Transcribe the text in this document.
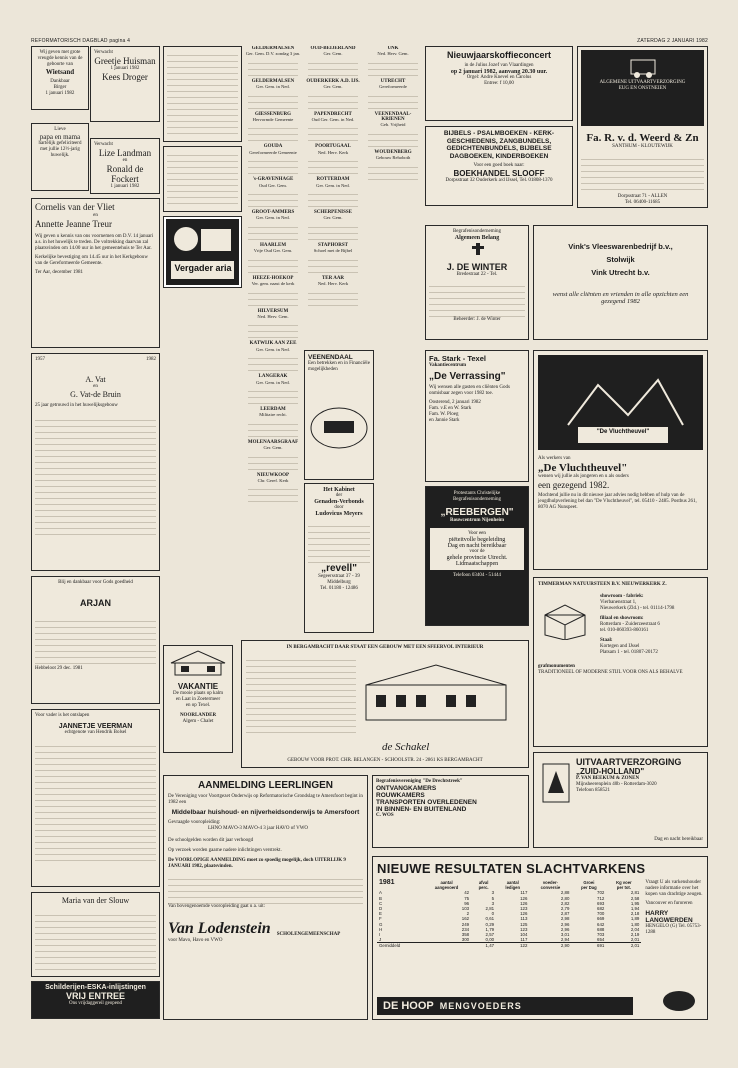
REFORMATORISCH DAGBLAD pagina 4	ZATERDAG 2 JANUARI 1982
Wij geven met grote
vreugde kennis van de
geboorte van
Wietsand
Dankbaar
Birger
1 januari 1982
Verwacht
Greetje Huisman
1 januari 1982
Kees Droger
Lieve
papa en mama
hartelijk gefeliciteerd
met jullie 12½-jarig
huwelijk.
Verwacht
Lize Landman
en
Ronald de Fockert
1 januari 1982
Cornelis van der Vliet
en
Annette Jeanne Treur
Wij geven u kennis van ons voornemen om D.V. 14 januari a.s. in het huwelijk te treden. De voltrekking daarvan zal plaatsvinden om 14.00 uur in het gemeentehuis te Ter Aar.
Kerkelijke bevestiging om 14.45 uur in het Kerkgebouw van de Gereformeerde Gemeente.
Ter Aar, december 1981
1957	1982
A. Vat
en
G. Vat-de Bruin
25 jaar getrouwd in het huwelijksgebouw
Blij en dankbaar voor Gods goedheid
ARJAN
Hebbeloot 29 dec. 1981
Voor vader is het ontslapen
JANNETJE VEERMAN
echtgenote van Hendrik Bolsel
Maria van der Slouw
Schilderijen-ESKA-inlijstingen
VRIJ ENTREE
Ons vrijdaggereil geopend
Vergader aria
VAKANTIE
De mooie plaats op kalm
en Laat in Zoetermeer
en op Texel.
NOORLANDER
Algem - Chalet
GELDERMALSEN
Ger. Gem. D.V. zondag 3 jan.
GELDERMALSEN
Ger. Gem. in Ned.
GIESSENBURG
Hervormde Gemeente
GOUDA
Gereformeerde Gemeente
's-GRAVENHAGE
Oud Ger. Gem.
GROOT-AMMERS
Ger. Gem. in Ned.
HAARLEM
Vrije Oud Ger. Gem.
HEEZE-HOEKOP
Ver. gem. naast de kerk
HILVERSUM
Ned. Herv. Gem.
KATWIJK AAN ZEE
Ger. Gem. in Ned.
LANGERAK
Ger. Gem. in Ned.
LEERDAM
Militaire recht.
MOLENAARSGRAAF
Ger. Gem.
NIEUWKOOP
Chr. Geref. Kerk
OUD-BEIJERLAND
Ger. Gem.
OUDERKERK A.D. IJS.
Ger. Gem.
PAPENDRECHT
Oud Ger. Gem. in Ned.
POORTUGAAL
Ned. Herv. Kerk
ROTTERDAM
Ger. Gem. in Ned.
SCHERPENISSE
Ger. Gem.
STAPHORST
Schoel met de Bijbel
TER AAR
Ned. Herv. Kerk
UNK
Ned. Herv. Gem.
UTRECHT
Gereformeerde
VEENENDAAL-KRIENEN
Geb. Vrijheid
WOUDENBERG
Gebouw Rehoboth
VEENENDAAL
Een betrekken en in Financiële mogelijkheden
Het Kabinet
der
Genaden-Verbonds
door
Ludovicus Meyers
„revell"
Segeersstraat 37 - 39
Middelburg
Tel. 01180 - 12486
Nieuwjaarskoffieconcert
in de Julius Jozef van Vlaardingen
op 2 januari 1982, aanvang 20.30 uur.
Orgel: Andre Knevel en Carolus
Entree: f 10,00	ALGEMENE UITVAARTVERZORGING
EUG EN ONSTNEIEN
Fa. R. v. d. Weerd & Zn
SANTHUM - KLOUTEWIJK
Dorpsstraat 71 - ALLEN
Tel. 06400-11685
BIJBELS - PSALMBOEKEN - KERK-GESCHIEDENIS, ZANGBUNDELS, GEDICHTENBUNDELS, BIJBELSE DAGBOEKEN, KINDERBOEKEN
Voor een goed boek naar:
BOEKHANDEL SLOOFF
Dorpsstraat 32 Ouderkerk a/d IJssel, Tel. 01808-1370
Begrafenisonderneming
Algemeen Belang
J. DE WINTER
Bredestraat 22 - Tel.
Beheerder: J. de Winter
Vink's Vleeswarenbedrijf b.v.,
Stolwijk
Vink Utrecht b.v.
wenst alle cliënten en vrienden in alle opzichten een gezegend 1982
Fa. Stark - Texel
Vakantiecentrum
„De Verrassing"
Wij wensen alle gasten en cliënten Gods onmisbaar zegen voor 1982 toe.
Oosterend, 2 januari 1982
Fam. v.E en W. Stark
Fam. W. Ploeg
en Jannie Stark
Protestants Christelijke
Begrafenisonderneming
„REEBERGEN"
Rouwcentrum Nijenheim
Voor een
piëteitvolle begeleiding
Dag en nacht bereikbaar
voor de
gehele provincie Utrecht.
Lidmaatschappen
Telefoon 03404 - 51444
"De Vluchtheuvel"
Als werkers van
„De Vluchtheuvel"
wensen wij jullie als jongeren en u als ouders
een gezegend 1982.
Mochtend jullie nu in dit nieuwe jaar advies nodig hebben of hulp van de jeugdhulpverlening bel dan "De Vluchtheuvel", tel. 05410 - 2485. Postbus 261, 8070 AG Nunspeet.
TIMMERMAN NATUURSTEEN B.V. NIEUWERKERK Z.
showroom - fabriek:
Vierbanenstraat 1,
Nieuwerkerk (Zld.) - tel. 01114-1798
filiaal en showroom:
Rotterdam - Zuiderzeestraat 6
tel. 010-860393-860161
Staal:
Kortegen and IJssel
Platsam 1 - tel. 01807-20172
grafmonumenten
TRADITIONEEL OF MODERNE STIJL VOOR ONS ALS BEHALVE
IN BERGAMBACHT DAAR STAAT EEN GEBOUW MET EEN SFEERVOL INTERIEUR
de Schakel
GEBOUW VOOR PROT. CHR. BELANGEN - SCHOOLSTR. 24 - 2861 KS BERGAMBACHT
AANMELDING LEERLINGEN
De Vereniging voor Voortgezet Onderwijs op Reformatorische Grondslag te Amersfoort begint in 1982 een
Middelbaar huishoud- en nijverheidsonderwijs te Amersfoort
Gevraagde vooropleiding:
LHNO MAVO-3 MAVO-4 3 jaar HAVO of VWO
De schoolgelden worden dit jaar verhoogd
Op verzoek worden gaarne nadere inlichtingen verstrekt.
De VOORLOPIGE AANMELDING moet zo spoedig mogelijk, doch UITERLIJK 9 JANUARI 1982, plaatsvinden.
Van bovengenoemde vooropleiding gaat u a. uit:
Van Lodenstein SCHOLENGEMEENSCHAP
voor Mavo, Havo en VWO
Begrafenisvereniging "De Drechtstreek"
ONTVANGKAMERS
ROUWKAMERS
TRANSPORTEN OVERLEDENEN
IN BINNEN- EN BUITENLAND
C. WOS
UITVAARTVERZORGING
„ZUID-HOLLAND"
P. VAN BEEKUM & ZONEN
Mijnsheerenplein 40b - Rotterdam-3020
Telefoon 858521
Dag en nacht bereikbaar
NIEUWE RESULTATEN SLACHTVARKENS
1981	aantal	afval	aantal	voeder-	Groei	Kg voer
	aangevoerd	perc.	ledigen	conversie	per Dag	per tot.
A	42	3	117	2,88	702	2,81
B	75	5	126	2,80	712	2,58
C	96	3	126	2,82	693	1,95
D	103	2,81	123	2,79	682	1,94
E	2	0	126	2,87	700	2,18
F	162	0,61	113	2,98	669	1,89
G	249	0,29	125	2,96	642	1,80
H	234	1,79	123	2,96	688	2,04
I	358	2,57	104	3,01	703	2,19
J	300	0,00	117	2,94	654	2,01
Gemiddeld		1,47	122	2,90	691	2,01
Vraagt U als varkenshouder nadere informatie over het kopen van drachtige zeugen.
Vancouver en furoreren
HARRY LANGWERDEN
HENGELO (G) Tel. 05753-1288
DE HOOP MENGVOEDERS
